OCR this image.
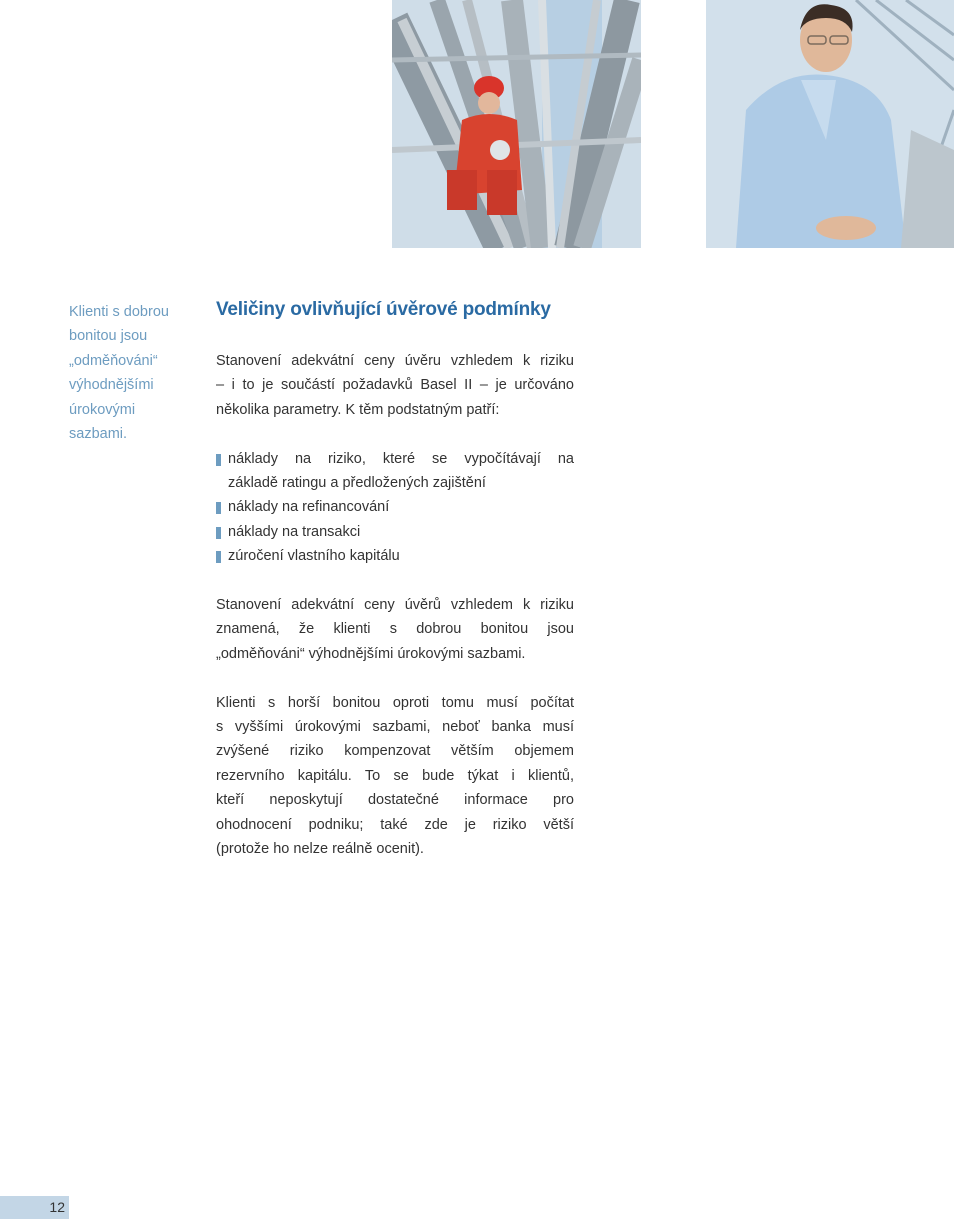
Klienti s dobrou
bonitou jsou
„odměňováni“
výhodnějšími
úrokovými
sazbami.
Veličiny ovlivňující úvěrové podmínky
Stanovení adekvátní ceny úvěru vzhledem k riziku
– i to je součástí požadavků Basel II – je určováno
několika parametry. K těm podstatným patří:
náklady na riziko, které se vypočítávají na
základě ratingu a předložených zajištění
náklady na refinancování
náklady na transakci
zúročení vlastního kapitálu
Stanovení adekvátní ceny úvěrů vzhledem k riziku
znamená, že klienti s dobrou bonitou jsou
„odměňováni“ výhodnějšími úrokovými sazbami.
Klienti s horší bonitou oproti tomu musí počítat
s vyššími úrokovými sazbami, neboť banka musí
zvýšené riziko kompenzovat větším objemem
rezervního kapitálu. To se bude týkat i klientů,
kteří neposkytují dostatečné informace pro
ohodnocení podniku; také zde je riziko větší
(protože ho nelze reálně ocenit).
12
